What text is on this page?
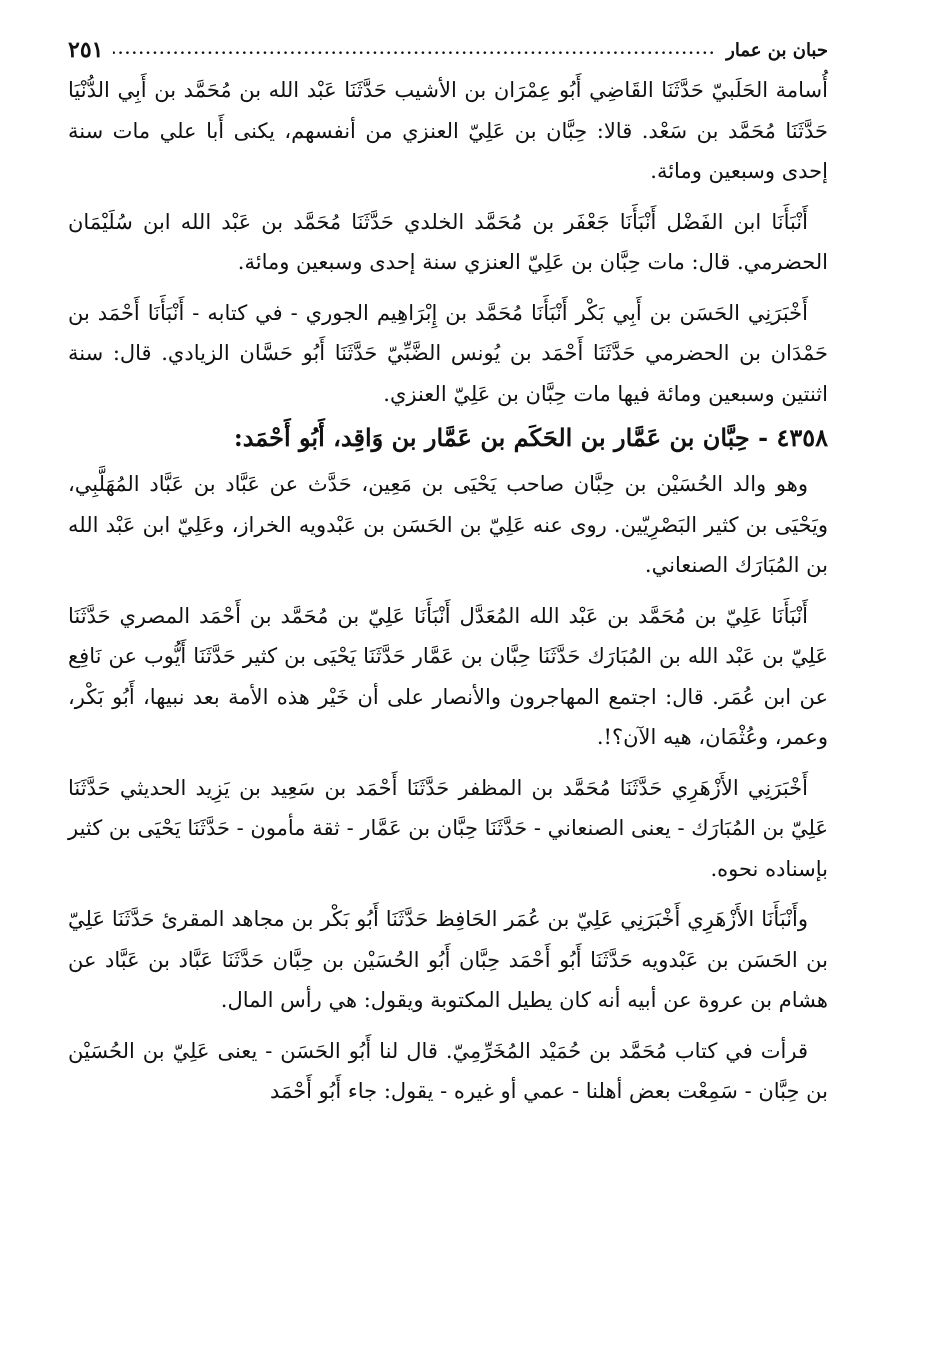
حبان بن عمار
.....
٢٥١

أُسامة الحَلَبيّ حَدَّثَنَا القَاضِي أَبُو عِمْرَان بن الأشيب حَدَّثَنَا عَبْد الله بن مُحَمَّد بن أَبِي الدُّنْيَا حَدَّثَنَا مُحَمَّد بن سَعْد. قالا: حِبَّان بن عَلِيّ العنزي من أنفسهم، يكنى أَبا علي مات سنة إحدى وسبعين ومائة.

أَنْبَأَنَا ابن الفَضْل أَنْبَأَنَا جَعْفَر بن مُحَمَّد الخلدي حَدَّثَنَا مُحَمَّد بن عَبْد الله ابن سُلَيْمَان الحضرمي. قال: مات حِبَّان بن عَلِيّ العنزي سنة إحدى وسبعين ومائة.

أَخْبَرَنِي الحَسَن بن أَبِي بَكْر أَنْبَأَنَا مُحَمَّد بن إِبْرَاهِيم الجوري - في كتابه - أَنْبَأَنَا أَحْمَد بن حَمْدَان بن الحضرمي حَدَّثَنَا أَحْمَد بن يُونس الضَّبِّيّ حَدَّثَنَا أَبُو حَسَّان الزيادي. قال: سنة اثنتين وسبعين ومائة فيها مات حِبَّان بن عَلِيّ العنزي.

٤٣٥٨ - حِبَّان بن عَمَّار بن الحَكَم بن عَمَّار بن وَاقِد، أَبُو أَحْمَد:

وهو والد الحُسَيْن بن حِبَّان صاحب يَحْيَى بن مَعِين، حَدَّث عن عَبَّاد بن عَبَّاد المُهَلَّبِي، ويَحْيَى بن كثير البَصْرِيّين. روى عنه عَلِيّ بن الحَسَن بن عَبْدويه الخراز، وعَلِيّ ابن عَبْد الله بن المُبَارَك الصنعاني.

أَنْبَأَنَا عَلِيّ بن مُحَمَّد بن عَبْد الله المُعَدَّل أَنْبَأَنَا عَلِيّ بن مُحَمَّد بن أَحْمَد المصري حَدَّثَنَا عَلِيّ بن عَبْد الله بن المُبَارَك حَدَّثَنَا حِبَّان بن عَمَّار حَدَّثَنَا يَحْيَى بن كثير حَدَّثَنَا أَيُّوب عن نَافِع عن ابن عُمَر. قال: اجتمع المهاجرون والأنصار على أن خَيْر هذه الأمة بعد نبيها، أَبُو بَكْر، وعمر، وعُثْمَان، هيه الآن؟!.

أَخْبَرَنِي الأَزْهَرِي حَدَّثَنَا مُحَمَّد بن المظفر حَدَّثَنَا أَحْمَد بن سَعِيد بن يَزِيد الحديثي حَدَّثَنَا عَلِيّ بن المُبَارَك - يعنى الصنعاني - حَدَّثَنَا حِبَّان بن عَمَّار - ثقة مأمون - حَدَّثَنَا يَحْيَى بن كثير بإسناده نحوه.

وأَنْبَأَنَا الأَزْهَرِي أَخْبَرَنِي عَلِيّ بن عُمَر الحَافِظ حَدَّثَنَا أَبُو بَكْر بن مجاهد المقرئ حَدَّثَنَا عَلِيّ بن الحَسَن بن عَبْدويه حَدَّثَنَا أَبُو أَحْمَد حِبَّان أَبُو الحُسَيْن بن حِبَّان حَدَّثَنَا عَبَّاد بن عَبَّاد عن هشام بن عروة عن أبيه أنه كان يطيل المكتوبة ويقول: هي رأس المال.

قرأت في كتاب مُحَمَّد بن حُمَيْد المُخَرِّمِيّ. قال لنا أَبُو الحَسَن - يعنى عَلِيّ بن الحُسَيْن بن حِبَّان - سَمِعْت بعض أهلنا - عمي أو غيره - يقول: جاء أَبُو أَحْمَد
